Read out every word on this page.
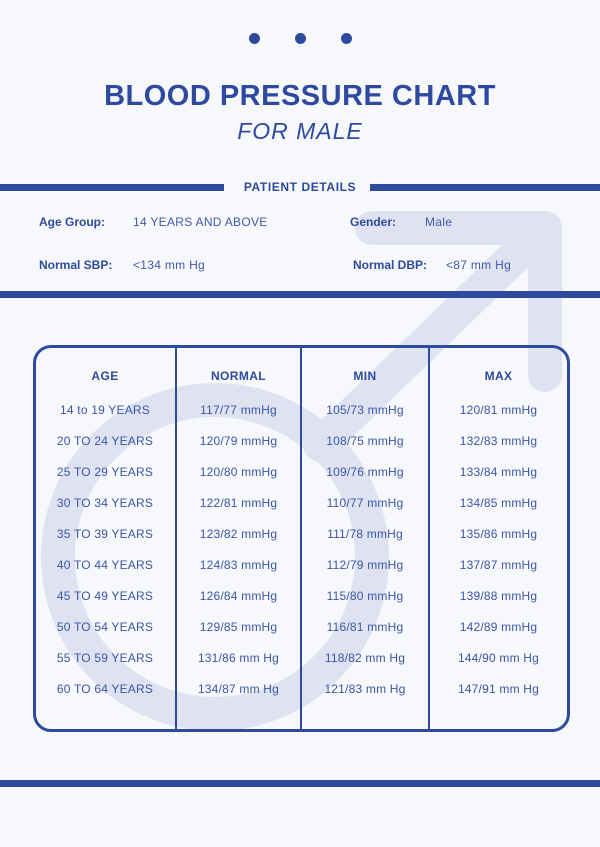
BLOOD PRESSURE CHART
FOR MALE
PATIENT DETAILS
Age Group: 14 YEARS AND ABOVE	Gender: Male
Normal SBP: <134 mm Hg	Normal DBP: <87 mm Hg
AGE	NORMAL	MIN	MAX
14 to 19 YEARS	117/77 mmHg	105/73 mmHg	120/81 mmHg
20 TO 24 YEARS	120/79 mmHg	108/75 mmHg	132/83 mmHg
25 TO 29 YEARS	120/80 mmHg	109/76 mmHg	133/84 mmHg
30 TO 34 YEARS	122/81 mmHg	110/77 mmHg	134/85 mmHg
35 TO 39 YEARS	123/82 mmHg	111/78 mmHg	135/86 mmHg
40 TO 44 YEARS	124/83 mmHg	112/79 mmHg	137/87 mmHg
45 TO 49 YEARS	126/84 mmHg	115/80 mmHg	139/88 mmHg
50 TO 54 YEARS	129/85 mmHg	116/81 mmHg	142/89 mmHg
55 TO 59 YEARS	131/86 mm Hg	118/82 mm Hg	144/90 mm Hg
60 TO 64 YEARS	134/87 mm Hg	121/83 mm Hg	147/91 mm Hg
